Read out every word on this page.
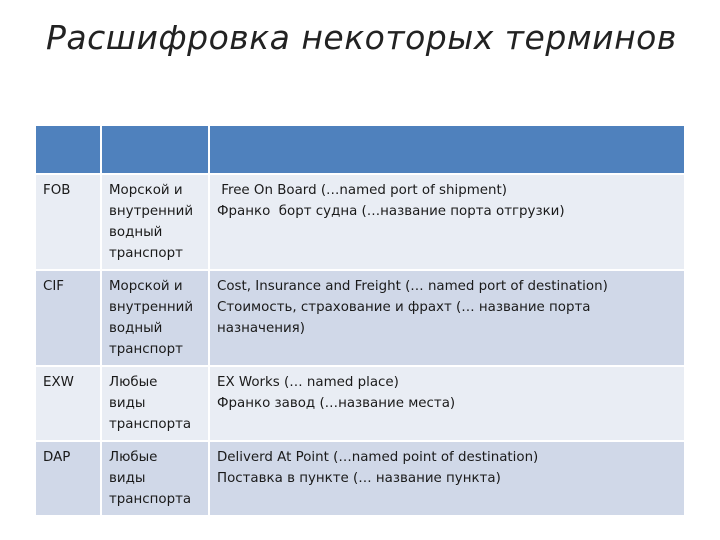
Расшифровка некоторых терминов

FOB	Морской и
внутренний
водный
транспорт	Free On Board (…named port of shipment)
Франко  борт судна (…название порта отгрузки)

CIF	Морской и
внутренний
водный
транспорт	Cost, Insurance and Freight (… named port of destination)
Стоимость, страхование и фрахт (… название порта
назначения)

EXW	Любые
виды
транспорта	EX Works (… named place)
Франко завод (…название места)

DAP	Любые
виды
транспорта	Deliverd At Point (…named point of destination)
Поставка в пункте (… название пункта)
